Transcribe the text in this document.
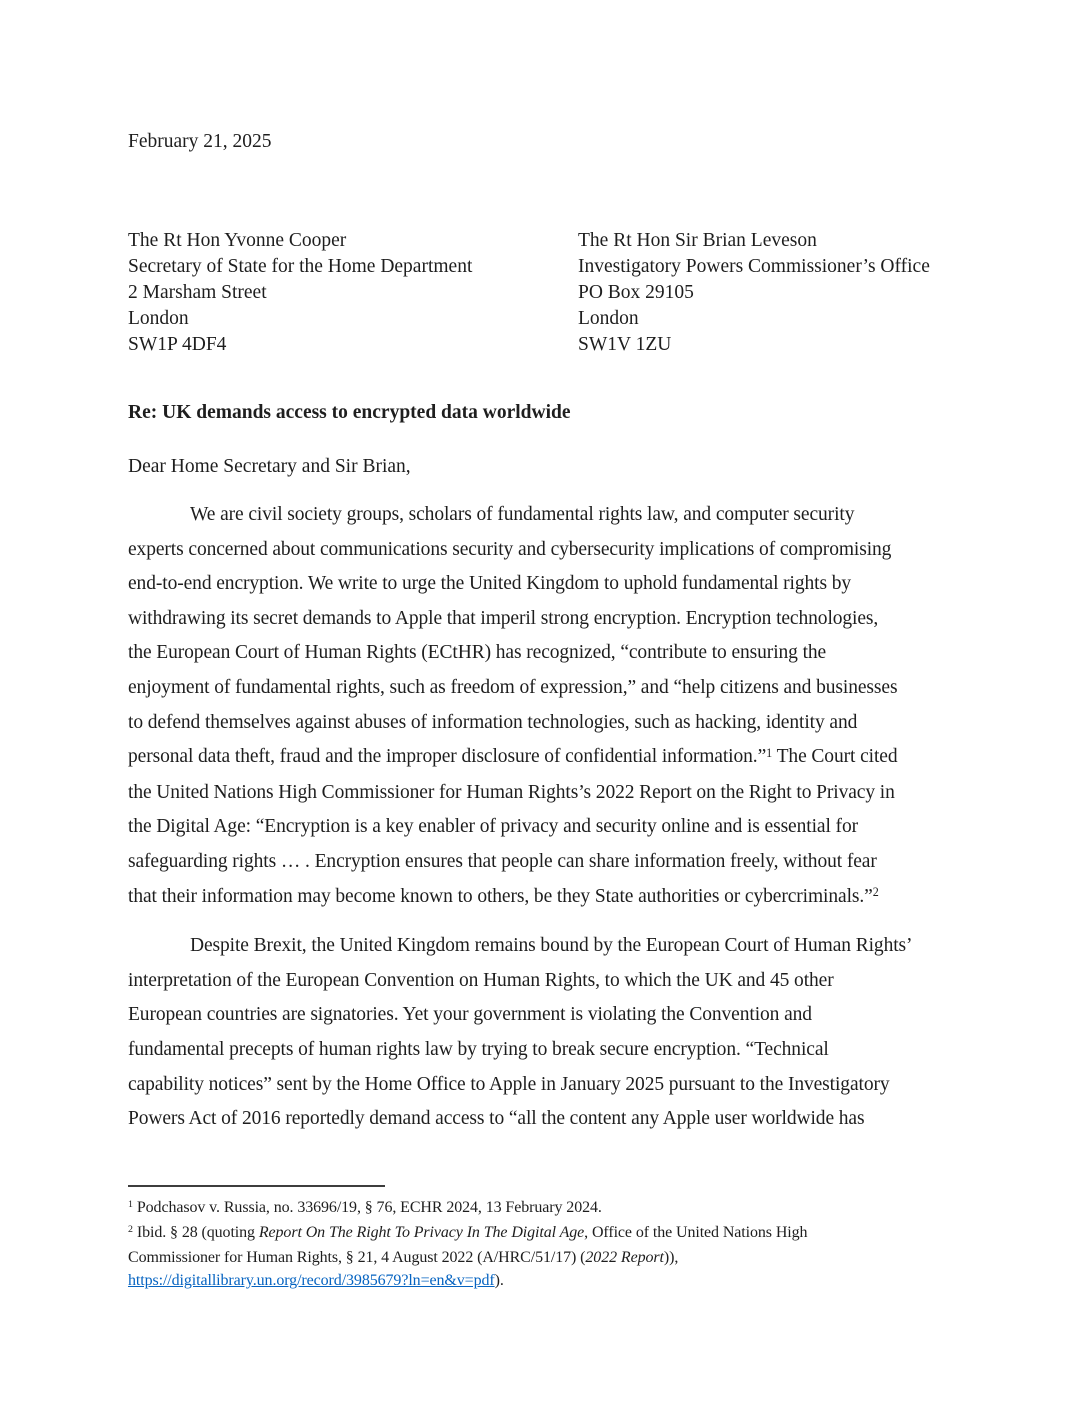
February 21, 2025
The Rt Hon Yvonne Cooper
Secretary of State for the Home Department
2 Marsham Street
London
SW1P 4DF4
The Rt Hon Sir Brian Leveson
Investigatory Powers Commissioner’s Office
PO Box 29105
London
SW1V 1ZU
Re: UK demands access to encrypted data worldwide
Dear Home Secretary and Sir Brian,
We are civil society groups, scholars of fundamental rights law, and computer security
experts concerned about communications security and cybersecurity implications of compromising
end-to-end encryption. We write to urge the United Kingdom to uphold fundamental rights by
withdrawing its secret demands to Apple that imperil strong encryption. Encryption technologies,
the European Court of Human Rights (ECtHR) has recognized, “contribute to ensuring the
enjoyment of fundamental rights, such as freedom of expression,” and “help citizens and businesses
to defend themselves against abuses of information technologies, such as hacking, identity and
personal data theft, fraud and the improper disclosure of confidential information.”$^1$ The Court cited
the United Nations High Commissioner for Human Rights’s 2022 Report on the Right to Privacy in
the Digital Age: “Encryption is a key enabler of privacy and security online and is essential for
safeguarding rights … . Encryption ensures that people can share information freely, without fear
that their information may become known to others, be they State authorities or cybercriminals.”$^2$
Despite Brexit, the United Kingdom remains bound by the European Court of Human Rights’
interpretation of the European Convention on Human Rights, to which the UK and 45 other
European countries are signatories. Yet your government is violating the Convention and
fundamental precepts of human rights law by trying to break secure encryption. “Technical
capability notices” sent by the Home Office to Apple in January 2025 pursuant to the Investigatory
Powers Act of 2016 reportedly demand access to “all the content any Apple user worldwide has
$^1$ Podchasov v. Russia, no. 33696/19, § 76, ECHR 2024, 13 February 2024.
$^2$ Ibid. § 28 (quoting Report On The Right To Privacy In The Digital Age, Office of the United Nations High
Commissioner for Human Rights, § 21, 4 August 2022 (A/HRC/51/17) (2022 Report)),
https://digitallibrary.un.org/record/3985679?ln=en&v=pdf).
